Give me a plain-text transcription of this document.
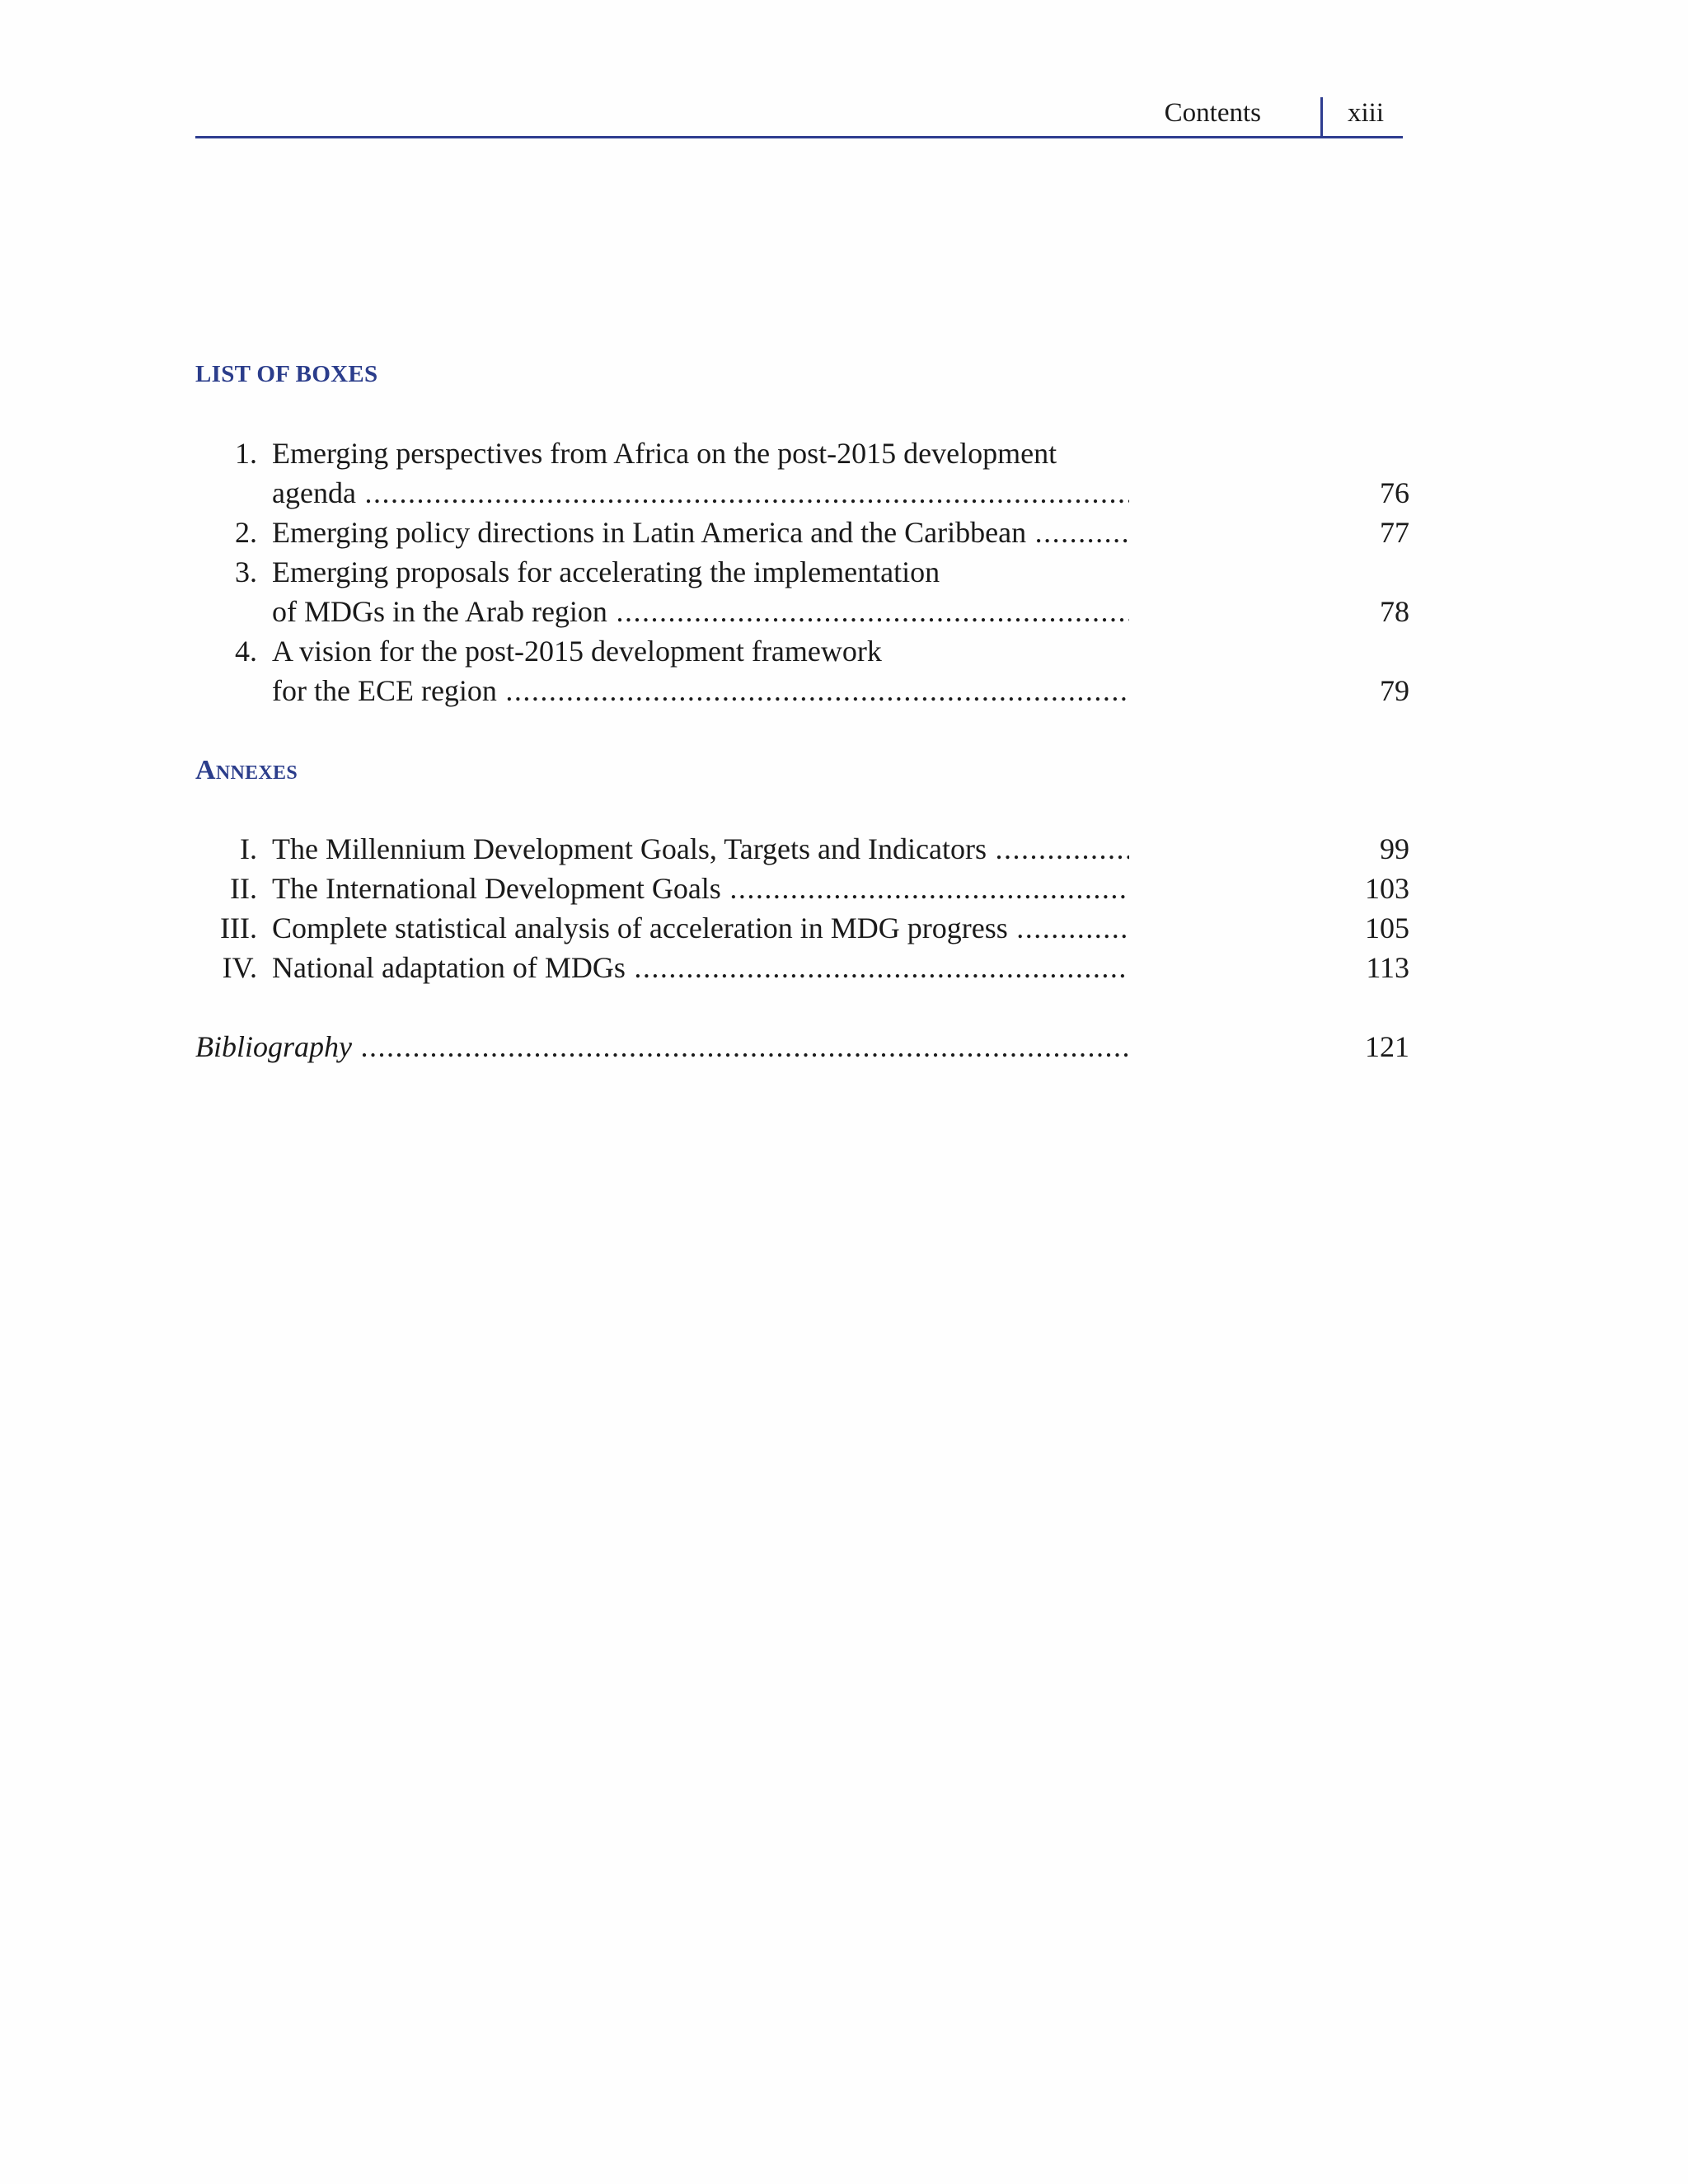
Contents	xiii
LIST OF BOXES
1. Emerging perspectives from Africa on the post-2015 development
agenda .....	76
2. Emerging policy directions in Latin America and the Caribbean .....	77
3. Emerging proposals for accelerating the implementation
of MDGs in the Arab region .....	78
4. A vision for the post-2015 development framework
for the ECE region .....	79
Annexes
I. The Millennium Development Goals, Targets and Indicators .....	99
II. The International Development Goals .....	103
III. Complete statistical analysis of acceleration in MDG progress .....	105
IV. National adaptation of MDGs .....	113
Bibliography .....	121
